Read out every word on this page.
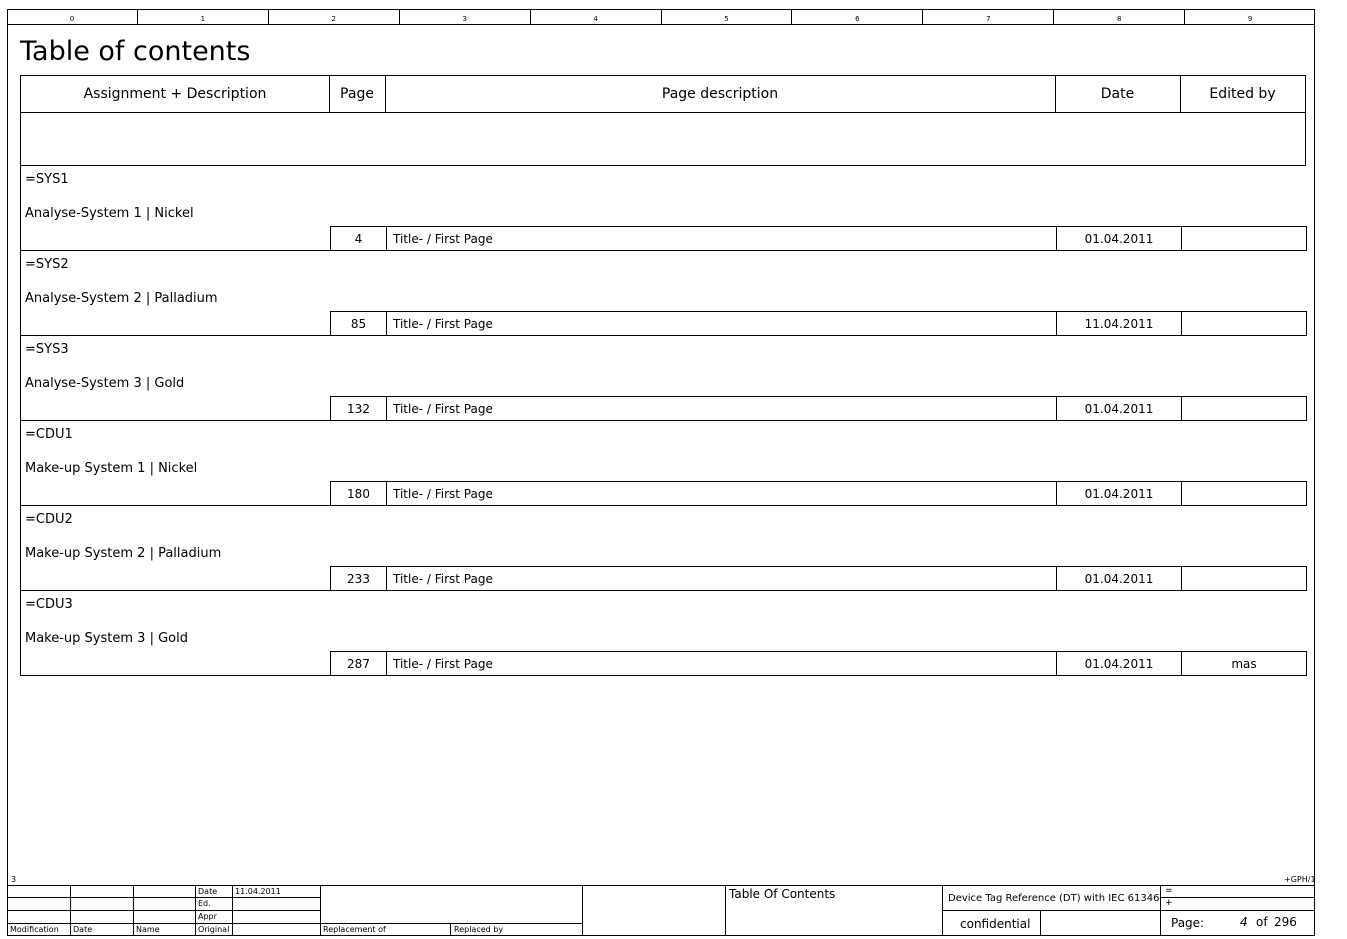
0	1	2	3	4	5	6	7	8	9
Table of contents
Assignment + Description	Page	Page description	Date	Edited by
=SYS1
Analyse-System 1 | Nickel
4	Title- / First Page	01.04.2011
=SYS2
Analyse-System 2 | Palladium
85	Title- / First Page	11.04.2011
=SYS3
Analyse-System 3 | Gold
132	Title- / First Page	01.04.2011
=CDU1
Make-up System 1 | Nickel
180	Title- / First Page	01.04.2011
=CDU2
Make-up System 2 | Palladium
233	Title- / First Page	01.04.2011
=CDU3
Make-up System 3 | Gold
287	Title- / First Page	01.04.2011	mas
3	+GPH/1
Date 11.04.2011
Ed.
Appr
Modification Date	Name	Original	Replacement of	Replaced by
Table Of Contents	Device Tag Reference (DT) with IEC 61346
confidential
=
+
Page:	4 of 296
